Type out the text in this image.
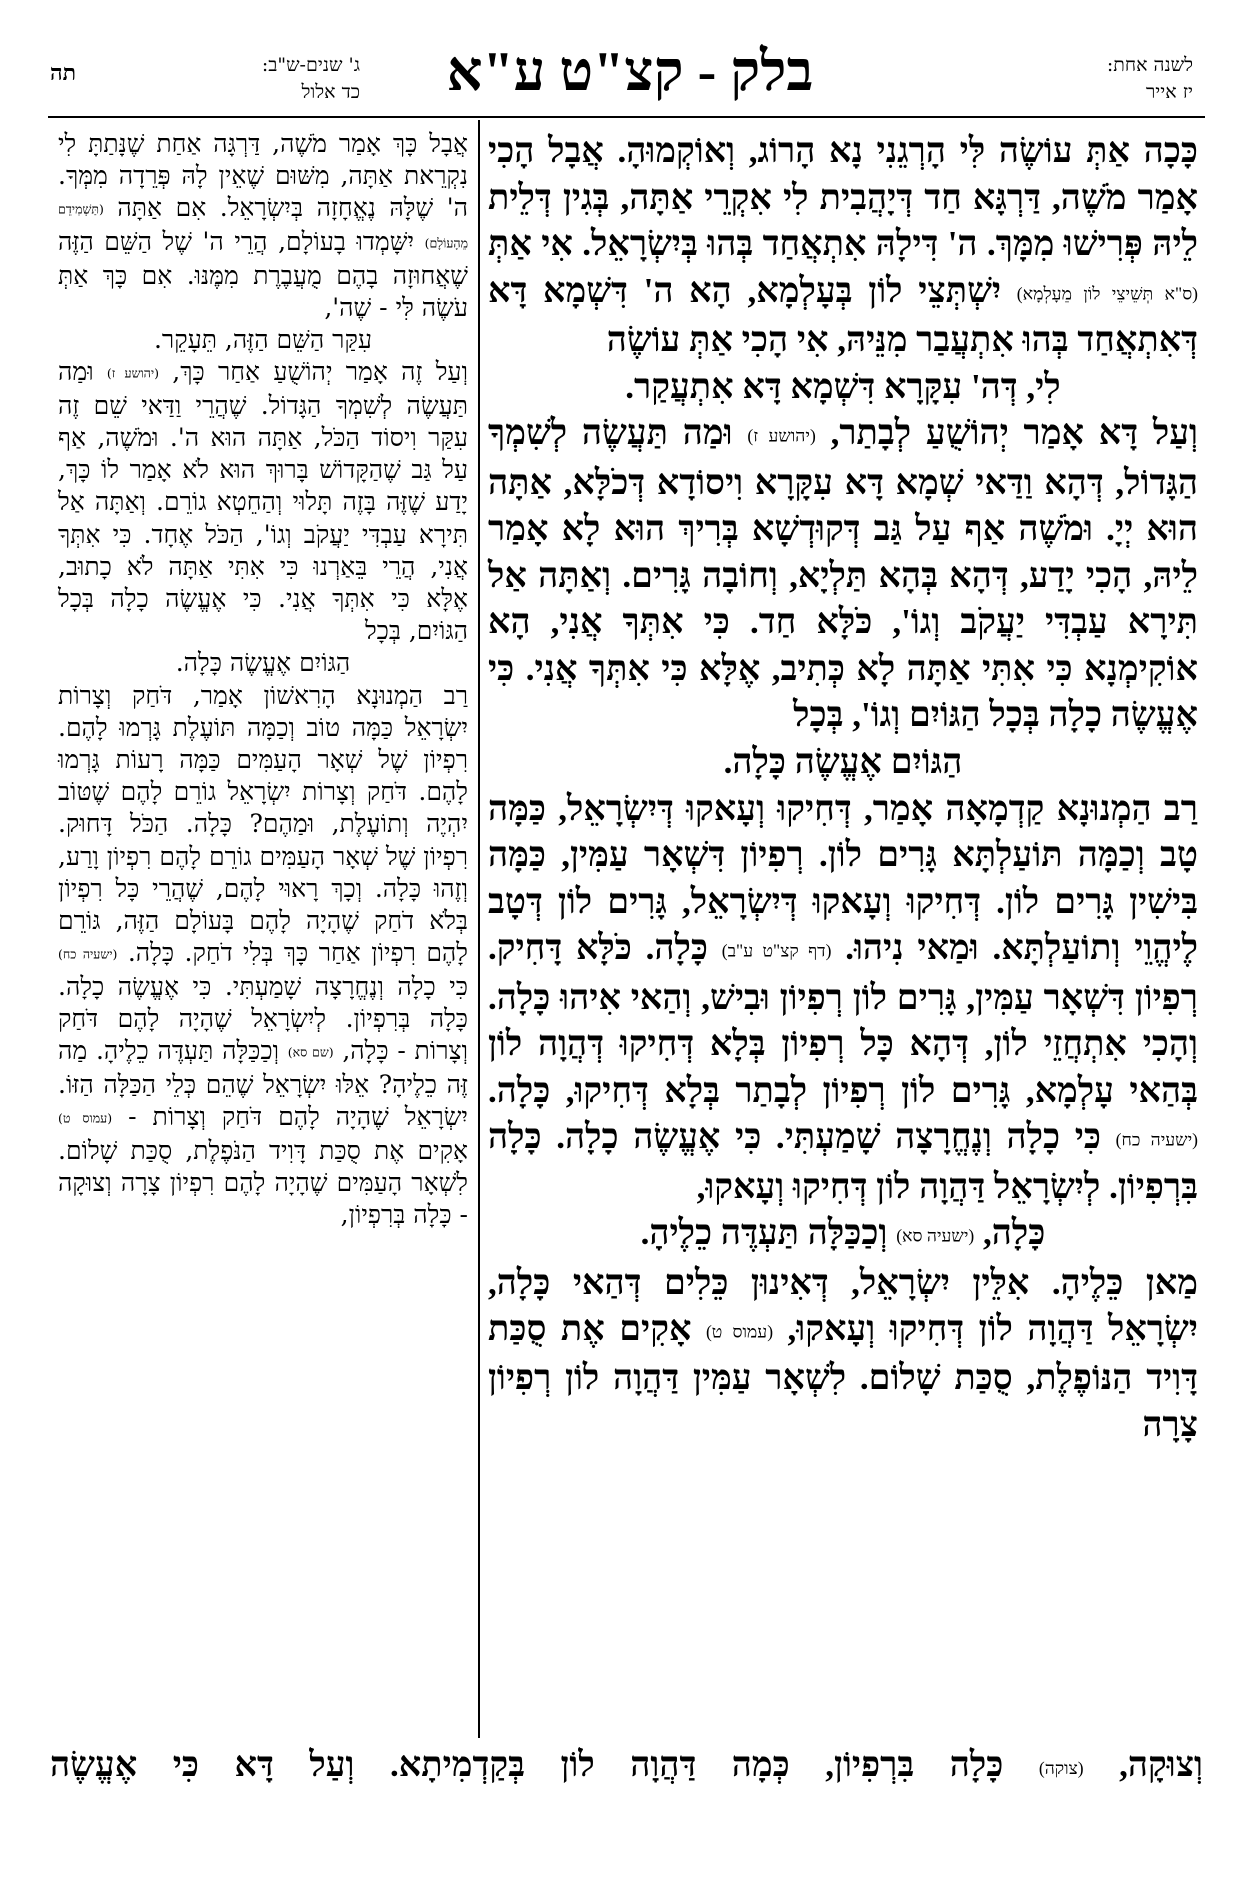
לשנה אחת:
יז אייר
בלק - קצ"ט ע"א
ג' שנים-ש"ב:
כד אלול
תה

כָּכָה אַתְּ עוֹשֶׂה לִּי הָרְגֵנִי נָא הָרוֹג, וְאוֹקְמוּהָ. אֲבָל הָכִי אָמַר מֹשֶׁה, דַּרְגָּא חַד דְּיָהֲבִית לִי אִקְרֵי אַתָּה, בְּגִין דְּלֵית לֵיהּ פְּרִישׁוּ מִמָּךְ. ה' דִּילָהּ אִתְאֲחַד בְּהוּ בְּיִשְׂרָאֵל. אִי אַתְּ (ס"א תְּשֵׁיצֵי לוֹן מֵעָלְמָא) יִשְׁתְּצֵי לוֹן בְּעָלְמָא, הָא ה' דִּשְׁמָא דָּא דְּאִתְאֲחַד בְּהוּ אִתְעֲבַר מִנֵּיהּ, אִי הָכִי אַתְּ עוֹשֶׂה

לִי, דְּה' עִקָּרָא דִּשְׁמָא דָּא אִתְעֲקַר.

וְעַל דָּא אָמַר יְהוֹשֻׁעַ לְבָתַר, (יהושע ז) וּמַה תַּעֲשֶׂה לְשִׁמְךָ הַגָּדוֹל, דְּהָא וַדַּאי שְׁמָא דָּא עִקָּרָא וִיסוֹדָא דְּכֹלָּא, אַתָּה הוּא יְיָ. וּמֹשֶׁה אַף עַל גַּב דְּקוּדְשָׁא בְּרִיךְ הוּא לָא אָמַר לֵיהּ, הָכִי יָדַע, דְּהָא בְּהָא תַּלְיָא, וְחוֹבָה גָּרִים. וְאַתָּה אַל תִּירָא עַבְדִּי יַעֲקֹב וְגוֹ', כֹּלָּא חַד. כִּי אִתְּךָ אֲנִי, הָא אוֹקִימְנָא כִּי אִתִּי אַתָּה לָא כְּתִיב, אֶלָּא כִּי אִתְּךָ אֲנִי. כִּי אֶעֱשֶׂה כָלָה בְּכָל הַגּוֹיִם וְגוֹ', בְּכָל

הַגּוֹיִם אֶעֱשֶׂה כָּלָה.

רַב הַמְנוּנָא קַדְמָאָה אָמַר, דְּחִיקוּ וְעָאקוּ דְּיִשְׂרָאֵל, כַּמָּה טָב וְכַמָּה תּוֹעַלְתָּא גָּרִים לוֹן. רְפִיוֹן דִּשְׁאָר עַמִּין, כַּמָּה בִּישִׁין גָּרִים לוֹן. דְּחִיקוּ וְעָאקוּ דְּיִשְׂרָאֵל, גָּרִים לוֹן דְּטָב לֶיהֱוֵי וְתוֹעַלְתָּא. וּמַאי נִיהוּ. (דף קצ"ט ע"ב) כָּלָה. כֹּלָּא דָּחִיק. רְפִיוֹן דִּשְׁאָר עַמִּין, גָּרִים לוֹן רְפִיוֹן וּבִישׁ, וְהַאי אִיהוּ כָּלָה. וְהָכִי אִתְחֲזֵי לוֹן, דְּהָא כָּל רְפִיוֹן בְּלָא דְּחִיקוּ דְּהֲוָה לוֹן בְּהַאי עָלְמָא, גָּרִים לוֹן רְפִיוֹן לְבָתַר בְּלָא דְּחִיקוּ, כָּלָה. (ישעיה כח) כִּי כָלָה וְנֶחֱרָצָה שָׁמַעְתִּי. כִּי אֶעֱשֶׂה כָלָה. כָּלָה בִּרְפִיוֹן. לְיִשְׂרָאֵל דַּהֲוָה לוֹן דְּחִיקוּ וְעָאקוּ,

כָּלָה, (ישעיה סא) וְכַכַּלָּה תַּעְדֶּה כֵלֶיהָ.

מַאן כֵּלֶיהָ. אִלֵּין יִשְׂרָאֵל, דְּאִינוּן כֵּלִים דְּהַאי כָּלָה, יִשְׂרָאֵל דַּהֲוָה לוֹן דְּחִיקוּ וְעָאקוּ, (עמוס ט) אָקִים אֶת סֻכַּת דָּוִיד הַנּוֹפֶלֶת, סֻכַּת שָׁלוֹם. לִשְׁאָר עַמִּין דַּהֲוָה לוֹן רְפִיוֹן צָרָה

אֲבָל כָּךְ אָמַר מֹשֶׁה, דַּרְגָּה אַחַת שֶׁנָּתַתָּ לִי נִקְרֵאת אַתָּה, מִשּׁוּם שֶׁאֵין לָהּ פְּרֵדָה מִמְּךָ. ה' שֶׁלָּהּ נֶאֱחָזָה בְּיִשְׂרָאֵל. אִם אַתָּה (תַּשְׁמִידֵם מֵהָעוֹלָם) יִשָּׁמְדוּ בָעוֹלָם, הֲרֵי ה' שֶׁל הַשֵּׁם הַזֶּה שֶׁאֲחוּזָה בָהֶם מֻעֲבֶרֶת מִמֶּנּוּ. אִם כָּךְ אַתְּ עֹשֶׂה לִּי - שֶׁה',

עִקַּר הַשֵּׁם הַזֶּה, תֵּעָקֵר.

וְעַל זֶה אָמַר יְהוֹשֻׁעַ אַחַר כָּךְ, (יהושע ז) וּמַה תַּעֲשֶׂה לְשִׁמְךָ הַגָּדוֹל. שֶׁהֲרֵי וַדַּאי שֵׁם זֶה עִקַּר וִיסוֹד הַכֹּל, אַתָּה הוּא ה'. וּמֹשֶׁה, אַף עַל גַּב שֶׁהַקָּדוֹשׁ בָּרוּךְ הוּא לֹא אָמַר לוֹ כָּךְ, יָדַע שֶׁזֶּה בָּזֶה תָּלוּי וְהַחֵטְא גוֹרֵם. וְאַתָּה אַל תִּירָא עַבְדִּי יַעֲקֹב וְגוֹ', הַכֹּל אֶחָד. כִּי אִתְּךָ אֲנִי, הֲרֵי בֵּאַרְנוּ כִּי אִתִּי אַתָּה לֹא כָתוּב, אֶלָּא כִּי אִתְּךָ אֲנִי. כִּי אֶעֱשֶׂה כָלָה בְּכָל הַגּוֹיִם, בְּכָל

הַגּוֹיִם אֶעֱשֶׂה כָּלָה.

רַב הַמְנוּנָא הָרִאשׁוֹן אָמַר, דֹּחַק וְצָרוֹת יִשְׂרָאֵל כַּמָּה טוֹב וְכַמָּה תּוֹעֶלֶת גָּרְמוּ לָהֶם. רִפְיוֹן שֶׁל שְׁאָר הָעַמִּים כַּמָּה רָעוֹת גָּרְמוּ לָהֶם. דֹּחַק וְצָרוֹת יִשְׂרָאֵל גוֹרֵם לָהֶם שֶׁטּוֹב יִהְיֶה וְתוֹעֶלֶת, וּמַהֶם? כָּלָה. הַכֹּל דָּחוּק. רִפְיוֹן שֶׁל שְׁאָר הָעַמִּים גוֹרֵם לָהֶם רִפְיוֹן וָרַע, וְזֶהוּ כָּלָה. וְכָךְ רָאוּי לָהֶם, שֶׁהֲרֵי כָּל רִפְיוֹן בְּלֹא דֹחַק שֶׁהָיָה לָהֶם בָּעוֹלָם הַזֶּה, גּוֹרֵם לָהֶם רִפְיוֹן אַחַר כָּךְ בְּלִי דֹחַק. כָּלָה. (ישעיה כח) כִּי כָלָה וְנֶחֱרָצָה שָׁמַעְתִּי. כִּי אֶעֱשֶׂה כָלָה. כָּלָה בְּרִפְיוֹן. לְיִשְׂרָאֵל שֶׁהָיָה לָהֶם דֹּחַק וְצָרוֹת - כָּלָה, (שם סא) וְכַכַּלָּה תַּעְדֶּה כֵלֶיהָ. מַה זֶּה כֵלֶיהָ? אֵלּוּ יִשְׂרָאֵל שֶׁהֵם כְּלֵי הַכַּלָּה הַזּוֹ. יִשְׂרָאֵל שֶׁהָיָה לָהֶם דֹּחַק וְצָרוֹת - (עמוס ט) אָקִים אֶת סֻכַּת דָּוִיד הַנֹּפֶלֶת, סֻכַּת שָׁלוֹם. לִשְׁאָר הָעַמִּים שֶׁהָיָה לָהֶם רִפְיוֹן צָרָה וְצוּקָה - כָּלָה בְּרִפְיוֹן,

וְצוּקָה, (צוקה) כָּלָה בִּרְפִיוֹן, כְּמָה דַּהֲוָה לוֹן בְּקַדְמִיתָא. וְעַל דָּא כִּי אֶעֱשֶׂה
